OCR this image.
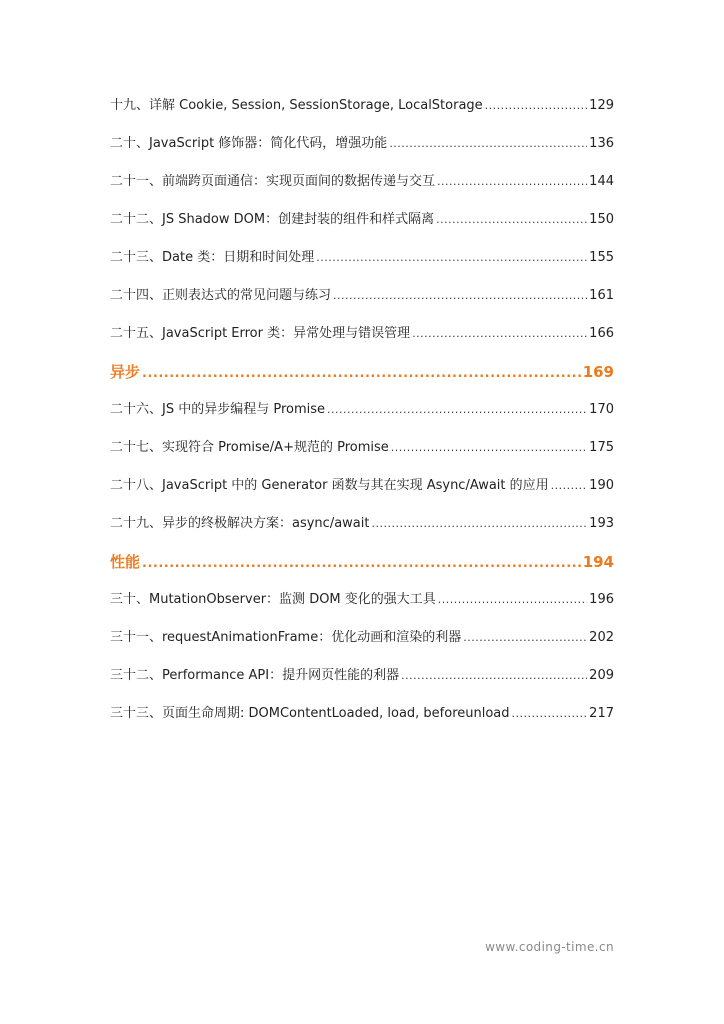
十九、详解 Cookie, Session, SessionStorage, LocalStorage .....	129
二十、JavaScript 修饰器：简化代码，增强功能 .....	136
二十一、前端跨页面通信：实现页面间的数据传递与交互 .....	144
二十二、JS Shadow DOM：创建封装的组件和样式隔离 .....	150
二十三、Date 类：日期和时间处理 .....	155
二十四、正则表达式的常见问题与练习 .....	161
二十五、JavaScript Error 类：异常处理与错误管理 .....	166
异步 .....	169
二十六、JS 中的异步编程与 Promise .....	170
二十七、实现符合 Promise/A+规范的 Promise .....	175
二十八、JavaScript 中的 Generator 函数与其在实现 Async/Await 的应用 .....	190
二十九、异步的终极解决方案：async/await .....	193
性能 .....	194
三十、MutationObserver：监测 DOM 变化的强大工具 .....	196
三十一、requestAnimationFrame：优化动画和渲染的利器 .....	202
三十二、Performance API：提升网页性能的利器 .....	209
三十三、页面生命周期: DOMContentLoaded, load, beforeunload .....	217
www.coding-time.cn
